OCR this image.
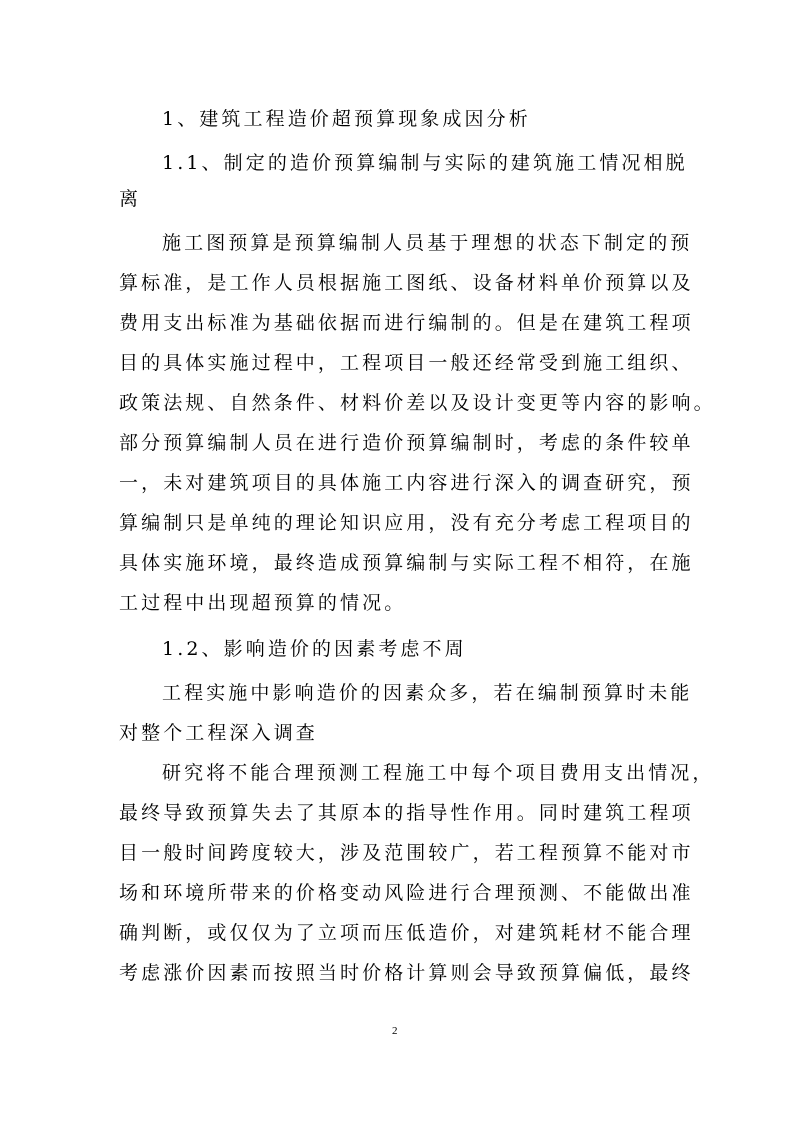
1、建筑工程造价超预算现象成因分析
1.1、制定的造价预算编制与实际的建筑施工情况相脱
离
施工图预算是预算编制人员基于理想的状态下制定的预
算标准，是工作人员根据施工图纸、设备材料单价预算以及
费用支出标准为基础依据而进行编制的。但是在建筑工程项
目的具体实施过程中，工程项目一般还经常受到施工组织、
政策法规、自然条件、材料价差以及设计变更等内容的影响。
部分预算编制人员在进行造价预算编制时，考虑的条件较单
一，未对建筑项目的具体施工内容进行深入的调查研究，预
算编制只是单纯的理论知识应用，没有充分考虑工程项目的
具体实施环境，最终造成预算编制与实际工程不相符，在施
工过程中出现超预算的情况。
1.2、影响造价的因素考虑不周
工程实施中影响造价的因素众多，若在编制预算时未能
对整个工程深入调查
研究将不能合理预测工程施工中每个项目费用支出情况，
最终导致预算失去了其原本的指导性作用。同时建筑工程项
目一般时间跨度较大，涉及范围较广，若工程预算不能对市
场和环境所带来的价格变动风险进行合理预测、不能做出准
确判断，或仅仅为了立项而压低造价，对建筑耗材不能合理
考虑涨价因素而按照当时价格计算则会导致预算偏低，最终
2
